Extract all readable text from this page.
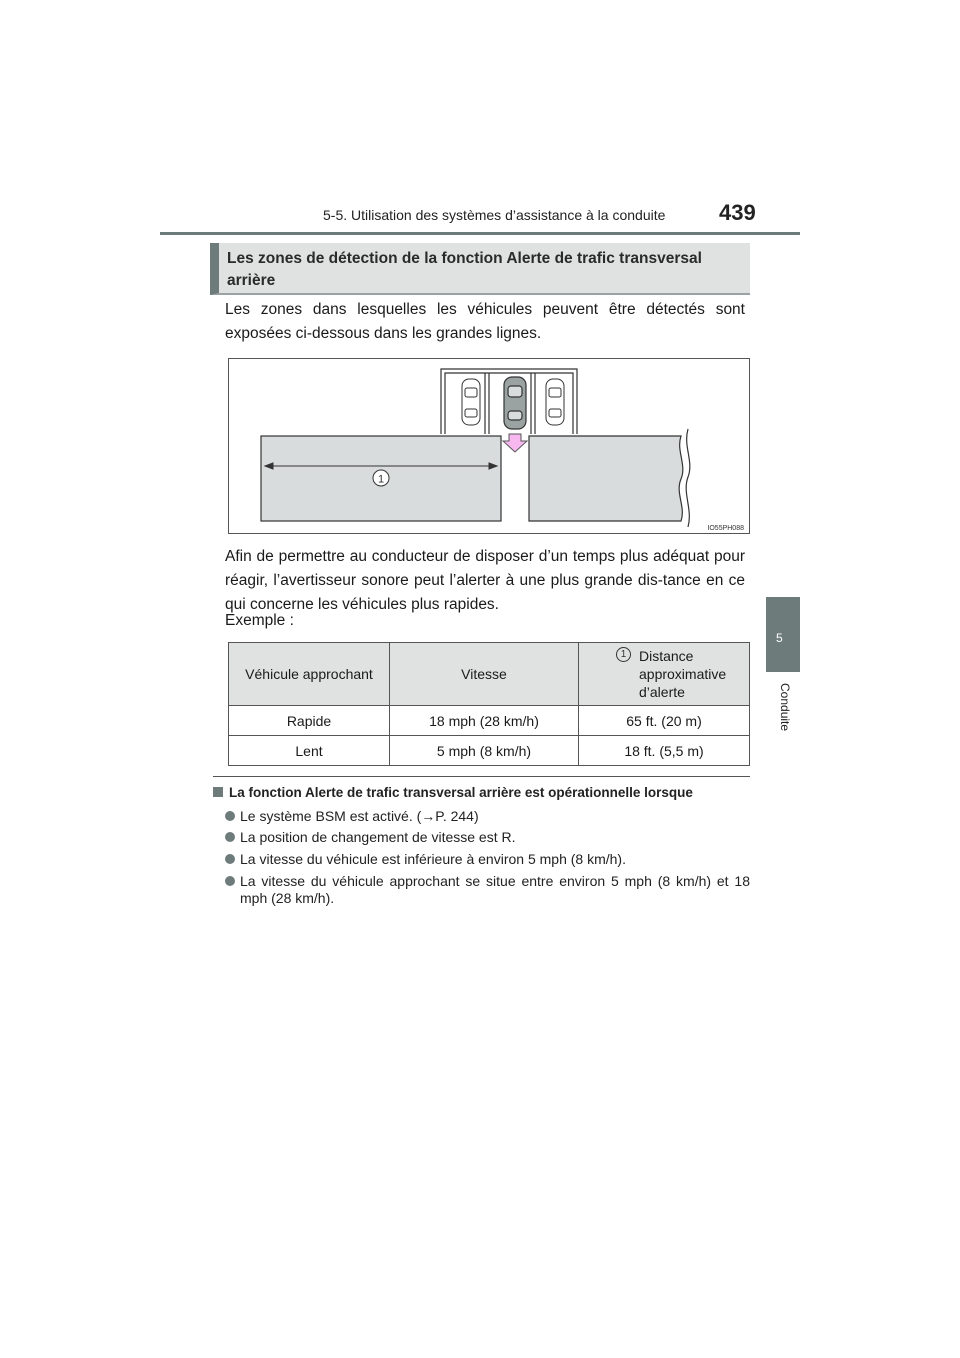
5-5. Utilisation des systèmes d’assistance à la conduite 439
5
Conduite
Les zones de détection de la fonction Alerte de trafic transversal arrière
Les zones dans lesquelles les véhicules peuvent être détectés sont exposées ci-dessous dans les grandes lignes.
1
IO55PH088
Afin de permettre au conducteur de disposer d’un temps plus adéquat pour réagir, l’avertisseur sonore peut l’alerter à une plus grande dis-tance en ce qui concerne les véhicules plus rapides.
Exemple :
Véhicule approchant	Vitesse	1 Distance approximative d’alerte

Rapide	18 mph (28 km/h)	65 ft. (20 m)
Lent	5 mph (8 km/h)	18 ft. (5,5 m)
La fonction Alerte de trafic transversal arrière est opérationnelle lorsque
Le système BSM est activé. (→P. 244)
La position de changement de vitesse est R.
La vitesse du véhicule est inférieure à environ 5 mph (8 km/h).
La vitesse du véhicule approchant se situe entre environ 5 mph (8 km/h) et 18 mph (28 km/h).
